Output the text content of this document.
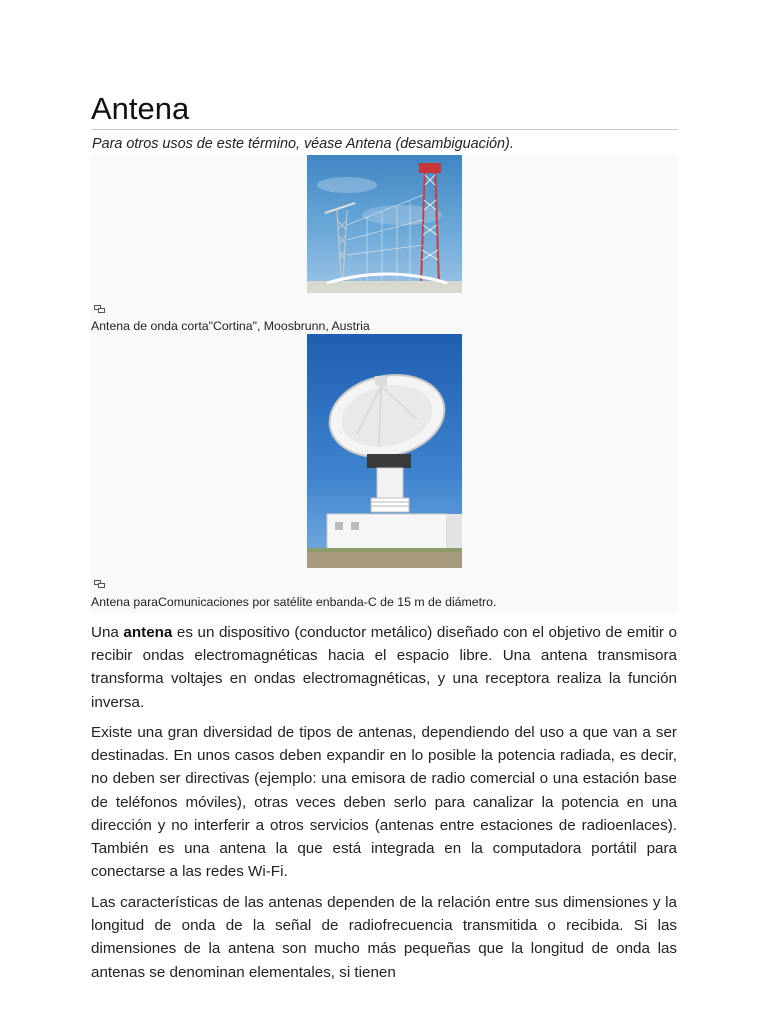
Antena
Para otros usos de este término, véase Antena (desambiguación).
Antena de onda corta"Cortina", Moosbrunn, Austria
Antena paraComunicaciones por satélite enbanda-C de 15 m de diámetro.

Una antena es un dispositivo (conductor metálico) diseñado con el objetivo de emitir o recibir ondas electromagnéticas hacia el espacio libre. Una antena transmisora transforma voltajes en ondas electromagnéticas, y una receptora realiza la función inversa.

Existe una gran diversidad de tipos de antenas, dependiendo del uso a que van a ser destinadas. En unos casos deben expandir en lo posible la potencia radiada, es decir, no deben ser directivas (ejemplo: una emisora de radio comercial o una estación base de teléfonos móviles), otras veces deben serlo para canalizar la potencia en una dirección y no interferir a otros servicios (antenas entre estaciones de radioenlaces). También es una antena la que está integrada en la computadora portátil para conectarse a las redes Wi-Fi.

Las características de las antenas dependen de la relación entre sus dimensiones y la longitud de onda de la señal de radiofrecuencia transmitida o recibida. Si las dimensiones de la antena son mucho más pequeñas que la longitud de onda las antenas se denominan elementales, si tienen
